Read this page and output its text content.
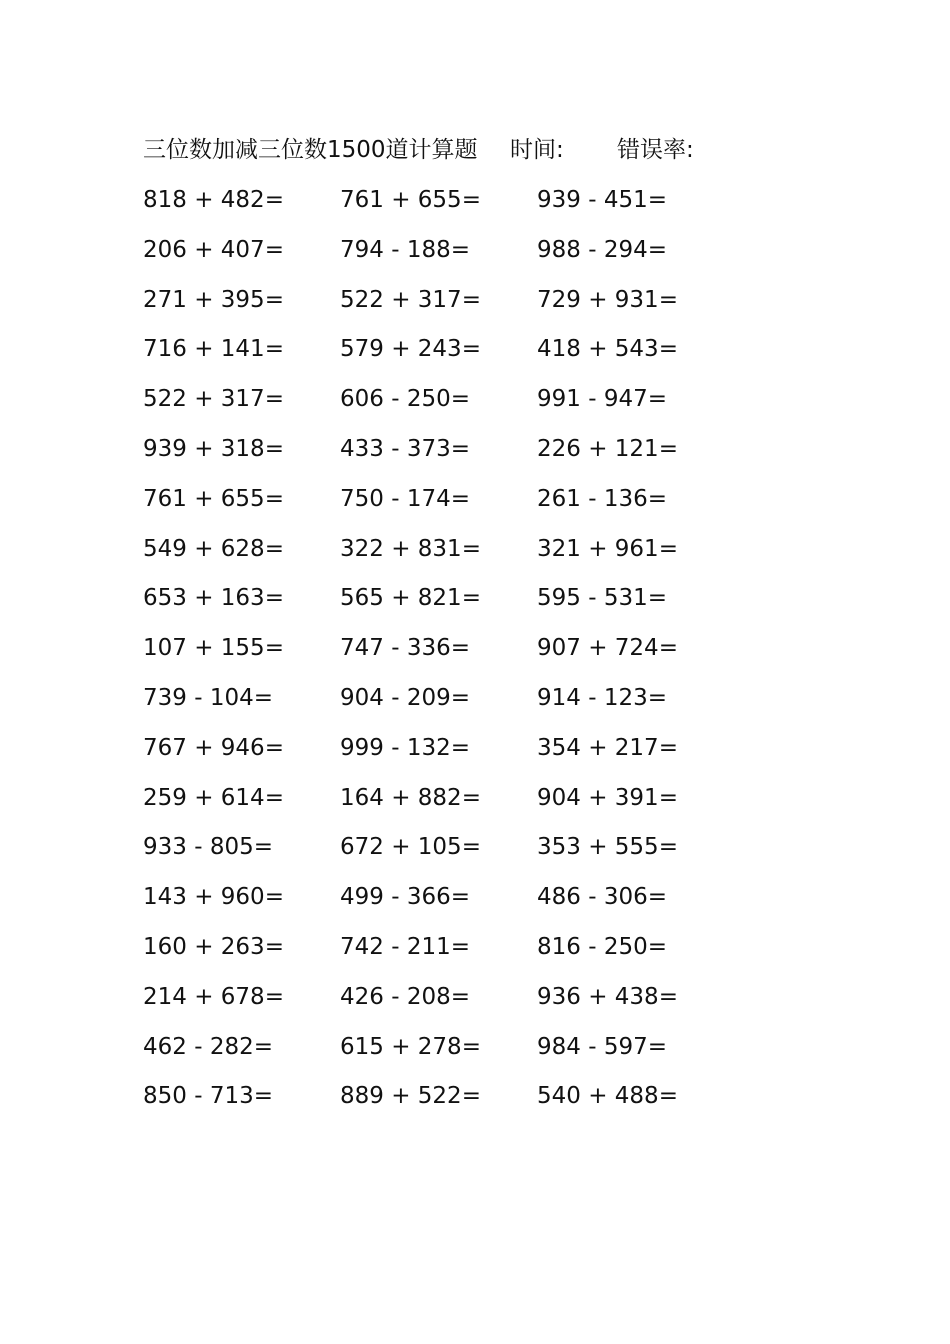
三位数加减三位数1500道计算题 时间: 错误率:
818 + 482= 761 + 655= 939 - 451=
206 + 407= 794 - 188=	988 - 294=
271 + 395= 522 + 317= 729 + 931=
716 + 141= 579 + 243= 418 + 543=
522 + 317= 606 - 250=	991 - 947=
939 + 318= 433 - 373=	226 + 121=
761 + 655= 750 - 174=	261 - 136=
549 + 628= 322 + 831= 321 + 961=
653 + 163= 565 + 821= 595 - 531=
107 + 155= 747 - 336=	907 + 724=
739 - 104=	904 - 209=	914 - 123=
767 + 946= 999 - 132=	354 + 217=
259 + 614= 164 + 882= 904 + 391=
933 - 805=	672 + 105= 353 + 555=
143 + 960= 499 - 366=	486 - 306=
160 + 263= 742 - 211=	816 - 250=
214 + 678= 426 - 208=	936 + 438=
462 - 282=	615 + 278= 984 - 597=
850 - 713=	889 + 522= 540 + 488=
